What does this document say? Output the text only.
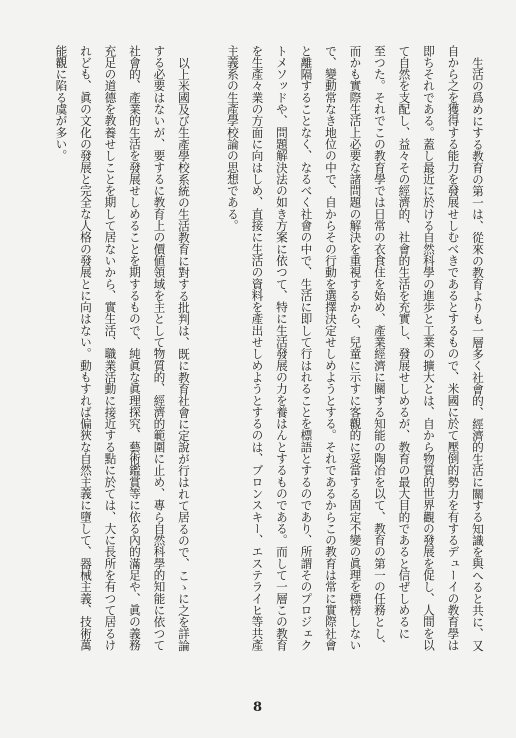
生活の爲めにする教育の第一は、從來の教育よりも一層多く社會的、經濟的生活に關する知識を與へると共に、又
自から之を獲得する能力を發展せしむべきであるとするもので、米國に於て壓倒的勢力を有するデューイの教育學は
即ちそれである。蓋し最近に於ける自然科學の進歩と工業の擴大とは、自から物質的世界觀の發展を促し、人間を以
て自然を支配し、益々その經濟的、社會的生活を充實し、發展せしめるが、教育の最大目的であると信ぜしめるに
至つた。それでこの教育學では日常の衣食住を始め、產業經濟に關する知能の陶冶を以て、教育の第一の任務とし、
而かも實際生活上必要な諸問題の解決を重視するから、兒童に示すに客觀的に妥當する固定不變の眞理を標榜しない
で、變動常なき地位の中で、自からその行動を選擇決定せしめようとする。それであるからこの教育は常に實際社會
と離隔することなく、なるべく社會の中で、生活に即して行はれることを標語とするのであり、所謂そのプロジェク
トメソッドや、問題解決法の如き方案に依つて、特に生活發展の力を養はんとするものである。而して一層この教育
を生產々業の方面に向はしめ、直接に生活の資料を產出せしめようとするのは、ブロンスキー、エステライヒ等共產
主義系の生產學校論の思想である。
以上米國及び生產學校系統の生活教育に對する批判は、既に教育社會に定說が行はれて居るので、こゝに之を詳論
する必要はないが、要するに教育上の價値領域を主として物質的、經濟的範圍に止め、專ら自然科學的知能に依つて
社會的、產業的生活を發展せしめることを期するもので、純眞な眞理探究、藝術鑑賞等に依る內的滿足や、眞の義務
充足の道德を教養せしことを期して居ないから、實生活、職業活動に接近する點に於ては、大に長所を有つて居るけ
れども、眞の文化の發展と完全な人格の發展とに向はない。動もすれば偏狹な自然主義に墮して、器械主義、技術萬
能觀に陷る虞が多い。
8
